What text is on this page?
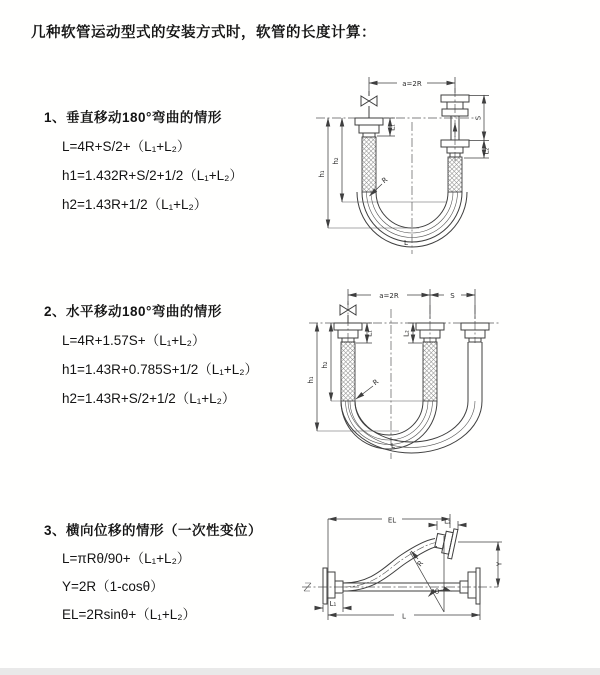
几种软管运动型式的安装方式时，软管的长度计算：
1、垂直移动180°弯曲的情形
L=4R+S/2+（L₁+L₂）
h1=1.432R+S/2+1/2（L₁+L₂）
h2=1.43R+1/2（L₁+L₂）
2、水平移动180°弯曲的情形
L=4R+1.57S+（L₁+L₂）
h1=1.43R+0.785S+1/2（L₁+L₂）
h2=1.43R+S/2+1/2（L₁+L₂）
3、横向位移的情形（一次性变位）
L=πRθ/90+（L₁+L₂）
Y=2R（1-cosθ）
EL=2Rsinθ+（L₁+L₂）
a=2R
S
L₂
L₁
h₂
h₁
R
L
a=2R	S
L₁	L₂
h₂
h₁	R
L
EL	L₂
Y
L
L₁
R
θ
